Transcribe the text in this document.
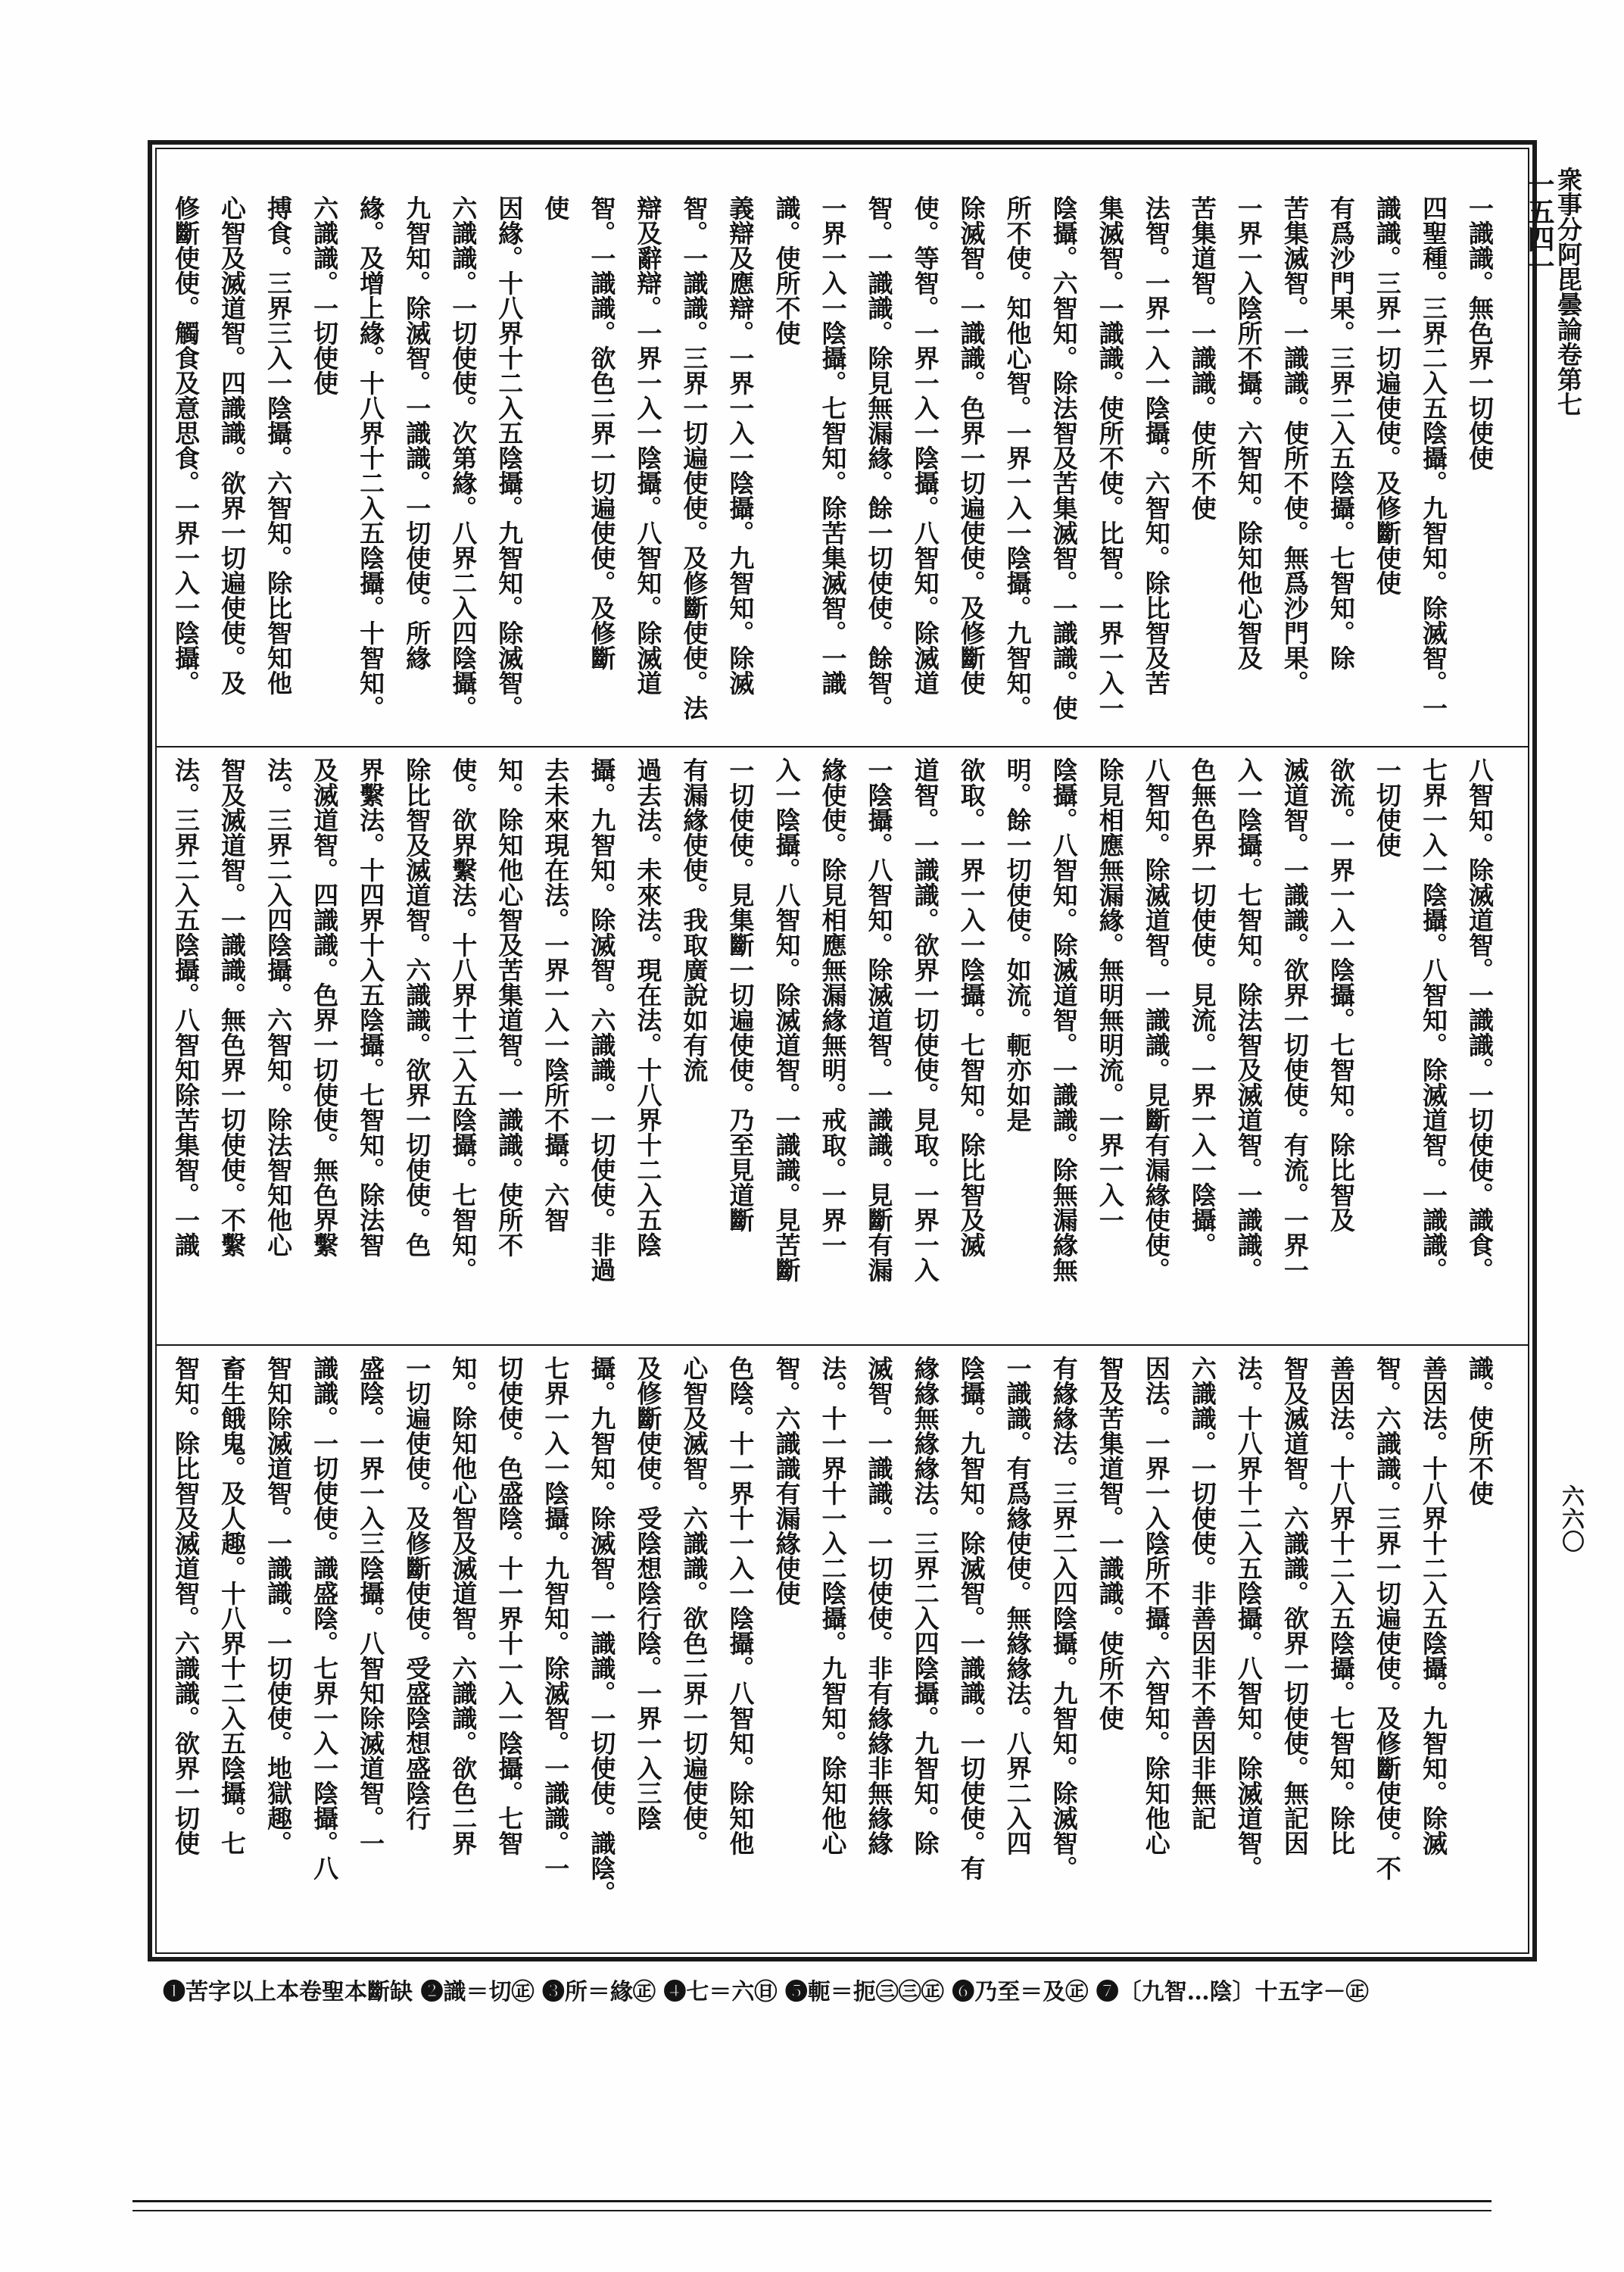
一五四一
衆事分阿毘曇論卷第七
六六〇
一識識。無色界一切使使
四聖種。三界二入五陰攝。九智知。除滅智。一
識識。三界一切遍使使。及修斷使使
有爲沙門果。三界二入五陰攝。七智知。除
苦集滅智。一識識。使所不使。無爲沙門果。
一界一入陰所不攝。六智知。除知他心智及
苦集道智。一識識。使所不使
法智。一界一入一陰攝。六智知。除比智及苦
集滅智。一識識。使所不使。比智。一界一入一
陰攝。六智知。除法智及苦集滅智。一識識。使
所不使。知他心智。一界一入一陰攝。九智知。
除滅智。一識識。色界一切遍使使。及修斷使
使。等智。一界一入一陰攝。八智知。除滅道
智。一識識。除見無漏緣。餘一切使使。餘智。
一界一入一陰攝。七智知。除苦集滅智。一識
識。使所不使
義辯及應辯。一界一入一陰攝。九智知。除滅
智。一識識。三界一切遍使使。及修斷使使。法
辯及辭辯。一界一入一陰攝。八智知。除滅道
智。一識識。欲色二界一切遍使使。及修斷
使
因緣。十八界十二入五陰攝。九智知。除滅智。
六識識。一切使使。次第緣。八界二入四陰攝。
九智知。除滅智。一識識。一切使使。所緣
緣。及增上緣。十八界十二入五陰攝。十智知。
六識識。一切使使
搏食。三界三入一陰攝。六智知。除比智知他
心智及滅道智。四識識。欲界一切遍使使。及
修斷使使。觸食及意思食。一界一入一陰攝。
八智知。除滅道智。一識識。一切使使。識食。
七界一入一陰攝。八智知。除滅道智。一識識。
一切使使
欲流。一界一入一陰攝。七智知。除比智及
滅道智。一識識。欲界一切使使。有流。一界一
入一陰攝。七智知。除法智及滅道智。一識識。
色無色界一切使使。見流。一界一入一陰攝。
八智知。除滅道智。一識識。見斷有漏緣使使。
除見相應無漏緣。無明無明流。一界一入一
陰攝。八智知。除滅道智。一識識。除無漏緣無
明。餘一切使使。如流。軛亦如是
欲取。一界一入一陰攝。七智知。除比智及滅
道智。一識識。欲界一切使使。見取。一界一入
一陰攝。八智知。除滅道智。一識識。見斷有漏
緣使使。除見相應無漏緣無明。戒取。一界一
入一陰攝。八智知。除滅道智。一識識。見苦斷
一切使使。見集斷一切遍使使。乃至見道斷
有漏緣使使。我取廣說如有流
過去法。未來法。現在法。十八界十二入五陰
攝。九智知。除滅智。六識識。一切使使。非過
去未來現在法。一界一入一陰所不攝。六智
知。除知他心智及苦集道智。一識識。使所不
使。欲界繫法。十八界十二入五陰攝。七智知。
除比智及滅道智。六識識。欲界一切使使。色
界繫法。十四界十入五陰攝。七智知。除法智
及滅道智。四識識。色界一切使使。無色界繫
法。三界二入四陰攝。六智知。除法智知他心
智及滅道智。一識識。無色界一切使使。不繫
法。三界二入五陰攝。八智知除苦集智。一識
識。使所不使
善因法。十八界十二入五陰攝。九智知。除滅
智。六識識。三界一切遍使使。及修斷使使。不
善因法。十八界十二入五陰攝。七智知。除比
智及滅道智。六識識。欲界一切使使。無記因
法。十八界十二入五陰攝。八智知。除滅道智。
六識識。一切使使。非善因非不善因非無記
因法。一界一入陰所不攝。六智知。除知他心
智及苦集道智。一識識。使所不使
有緣緣法。三界二入四陰攝。九智知。除滅智。
一識識。有爲緣使使。無緣緣法。八界二入四
陰攝。九智知。除滅智。一識識。一切使使。有
緣緣無緣緣法。三界二入四陰攝。九智知。除
滅智。一識識。一切使使。非有緣緣非無緣緣
法。十一界十一入二陰攝。九智知。除知他心
智。六識識有漏緣使使
色陰。十一界十一入一陰攝。八智知。除知他
心智及滅智。六識識。欲色二界一切遍使使。
及修斷使使。受陰想陰行陰。一界一入三陰
攝。九智知。除滅智。一識識。一切使使。識陰。
七界一入一陰攝。九智知。除滅智。一識識。一
切使使。色盛陰。十一界十一入一陰攝。七智
知。除知他心智及滅道智。六識識。欲色二界
一切遍使使。及修斷使使。受盛陰想盛陰行
盛陰。一界一入三陰攝。八智知除滅道智。一
識識。一切使使。識盛陰。七界一入一陰攝。八
智知除滅道智。一識識。一切使使。地獄趣。
畜生餓鬼。及人趣。十八界十二入五陰攝。七
智知。除比智及滅道智。六識識。欲界一切使
❶苦字以上本卷聖本斷缺 ❷識＝切㊣ ❸所＝緣㊣ ❹七＝六㊐ ❺軛＝扼㊂㊂㊣ ❻乃至＝及㊣ ❼〔九智…陰〕十五字－㊣
